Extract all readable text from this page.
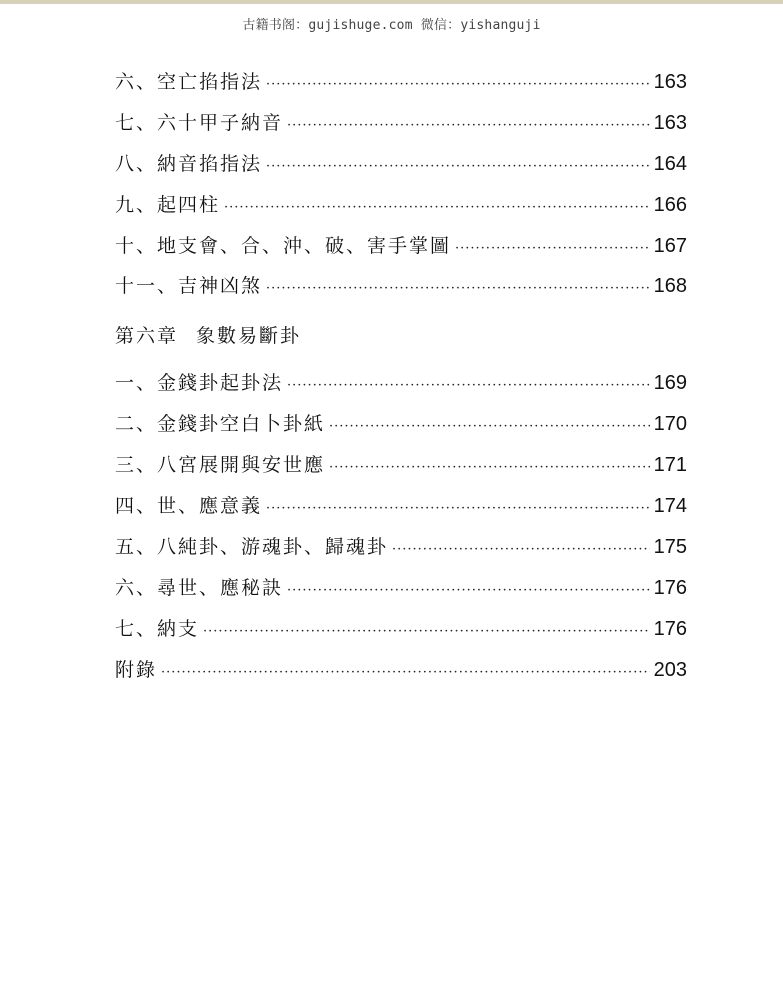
古籍书阁：gujishuge.com 微信：yishanguji
六、空亡掐指法 ·····	163
七、六十甲子納音 ·····	163
八、納音掐指法 ·····	164
九、起四柱 ·····	166
十、地支會、合、沖、破、害手掌圖 ·····	167
十一、吉神凶煞 ·····	168
第六章 象數易斷卦
一、金錢卦起卦法 ·····	169
二、金錢卦空白卜卦紙 ·····	170
三、八宮展開與安世應 ·····	171
四、世、應意義 ·····	174
五、八純卦、游魂卦、歸魂卦 ·····	175
六、尋世、應秘訣 ·····	176
七、納支 ·····	176
附錄 ·····	203
